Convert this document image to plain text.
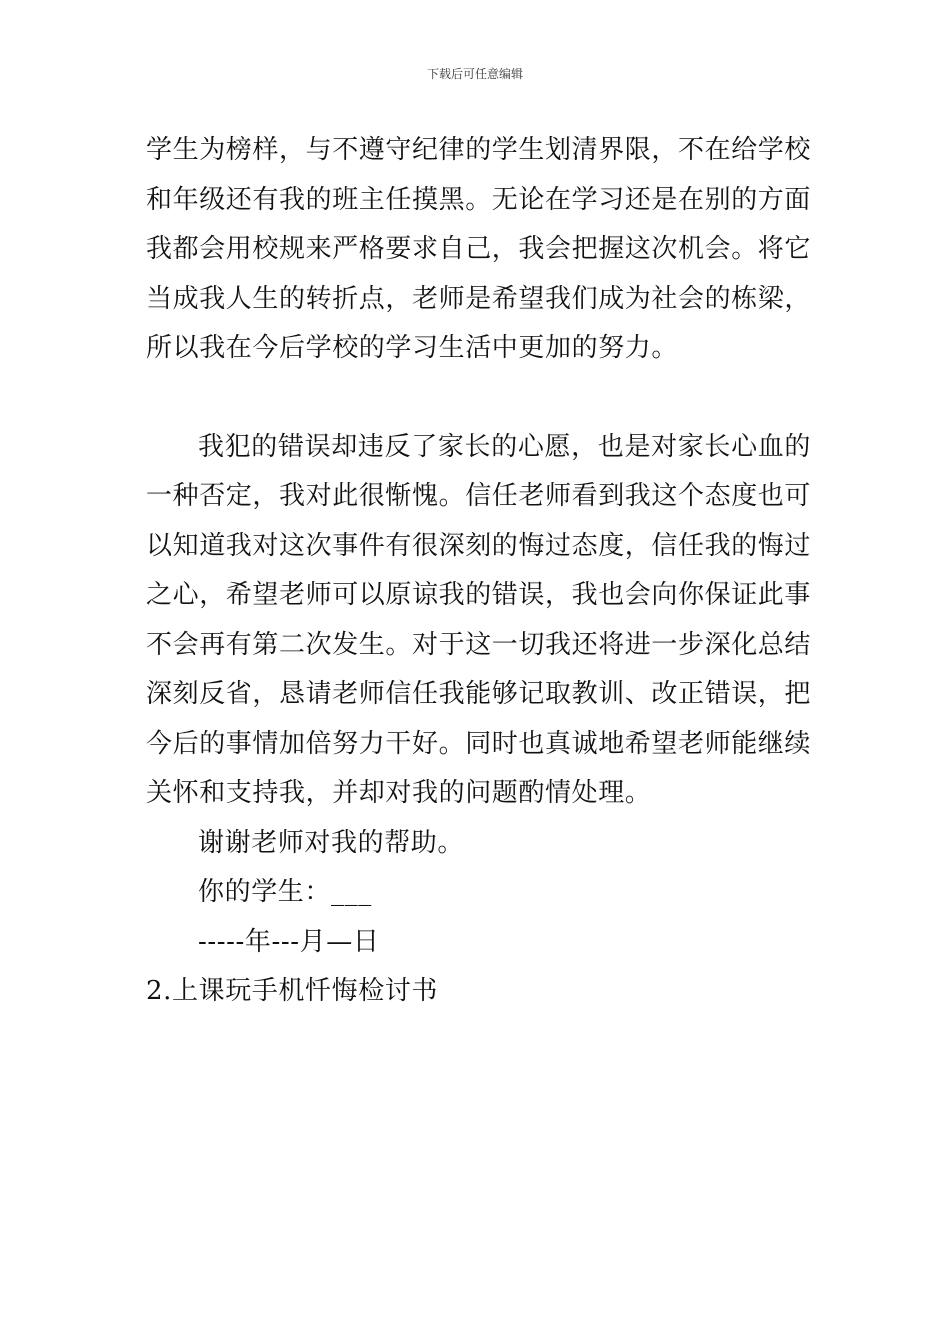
下载后可任意编辑

学生为榜样，与不遵守纪律的学生划清界限，不在给学校和年级还有我的班主任摸黑。无论在学习还是在别的方面我都会用校规来严格要求自己，我会把握这次机会。将它当成我人生的转折点，老师是希望我们成为社会的栋梁，所以我在今后学校的学习生活中更加的努力。

我犯的错误却违反了家长的心愿，也是对家长心血的一种否定，我对此很惭愧。信任老师看到我这个态度也可以知道我对这次事件有很深刻的悔过态度，信任我的悔过之心，希望老师可以原谅我的错误，我也会向你保证此事不会再有第二次发生。对于这一切我还将进一步深化总结深刻反省，恳请老师信任我能够记取教训、改正错误，把今后的事情加倍努力干好。同时也真诚地希望老师能继续关怀和支持我，并却对我的问题酌情处理。

谢谢老师对我的帮助。

你的学生：___

-----年---月—日

2.上课玩手机忏悔检讨书
